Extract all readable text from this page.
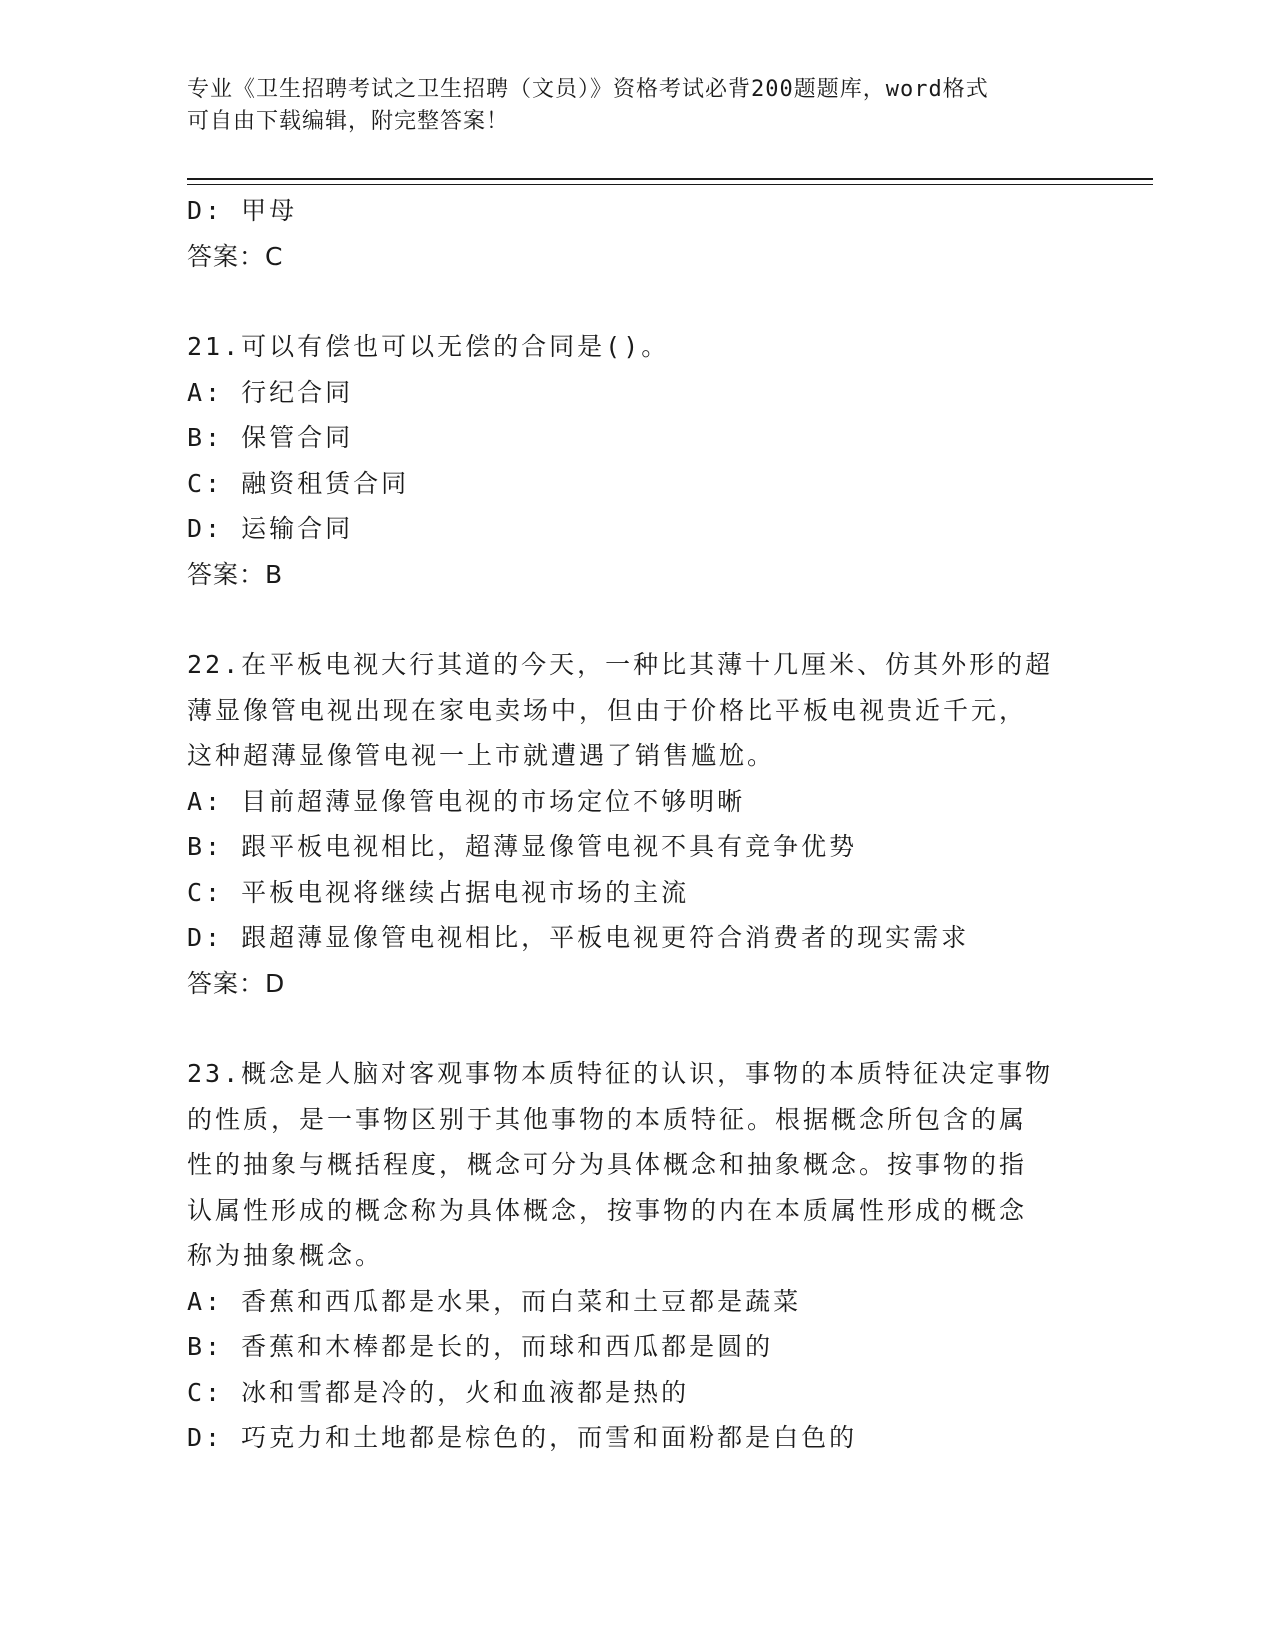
专业《卫生招聘考试之卫生招聘（文员）》资格考试必背200题题库，word格式
可自由下载编辑，附完整答案！
D: 甲母
答案：C
21.可以有偿也可以无偿的合同是()。
A: 行纪合同
B: 保管合同
C: 融资租赁合同
D: 运输合同
答案：B
22.在平板电视大行其道的今天，一种比其薄十几厘米、仿其外形的超
薄显像管电视出现在家电卖场中，但由于价格比平板电视贵近千元，
这种超薄显像管电视一上市就遭遇了销售尴尬。
A: 目前超薄显像管电视的市场定位不够明晰
B: 跟平板电视相比，超薄显像管电视不具有竞争优势
C: 平板电视将继续占据电视市场的主流
D: 跟超薄显像管电视相比，平板电视更符合消费者的现实需求
答案：D
23.概念是人脑对客观事物本质特征的认识，事物的本质特征决定事物
的性质，是一事物区别于其他事物的本质特征。根据概念所包含的属
性的抽象与概括程度，概念可分为具体概念和抽象概念。按事物的指
认属性形成的概念称为具体概念，按事物的内在本质属性形成的概念
称为抽象概念。
A: 香蕉和西瓜都是水果，而白菜和土豆都是蔬菜
B: 香蕉和木棒都是长的，而球和西瓜都是圆的
C: 冰和雪都是冷的，火和血液都是热的
D: 巧克力和土地都是棕色的，而雪和面粉都是白色的
